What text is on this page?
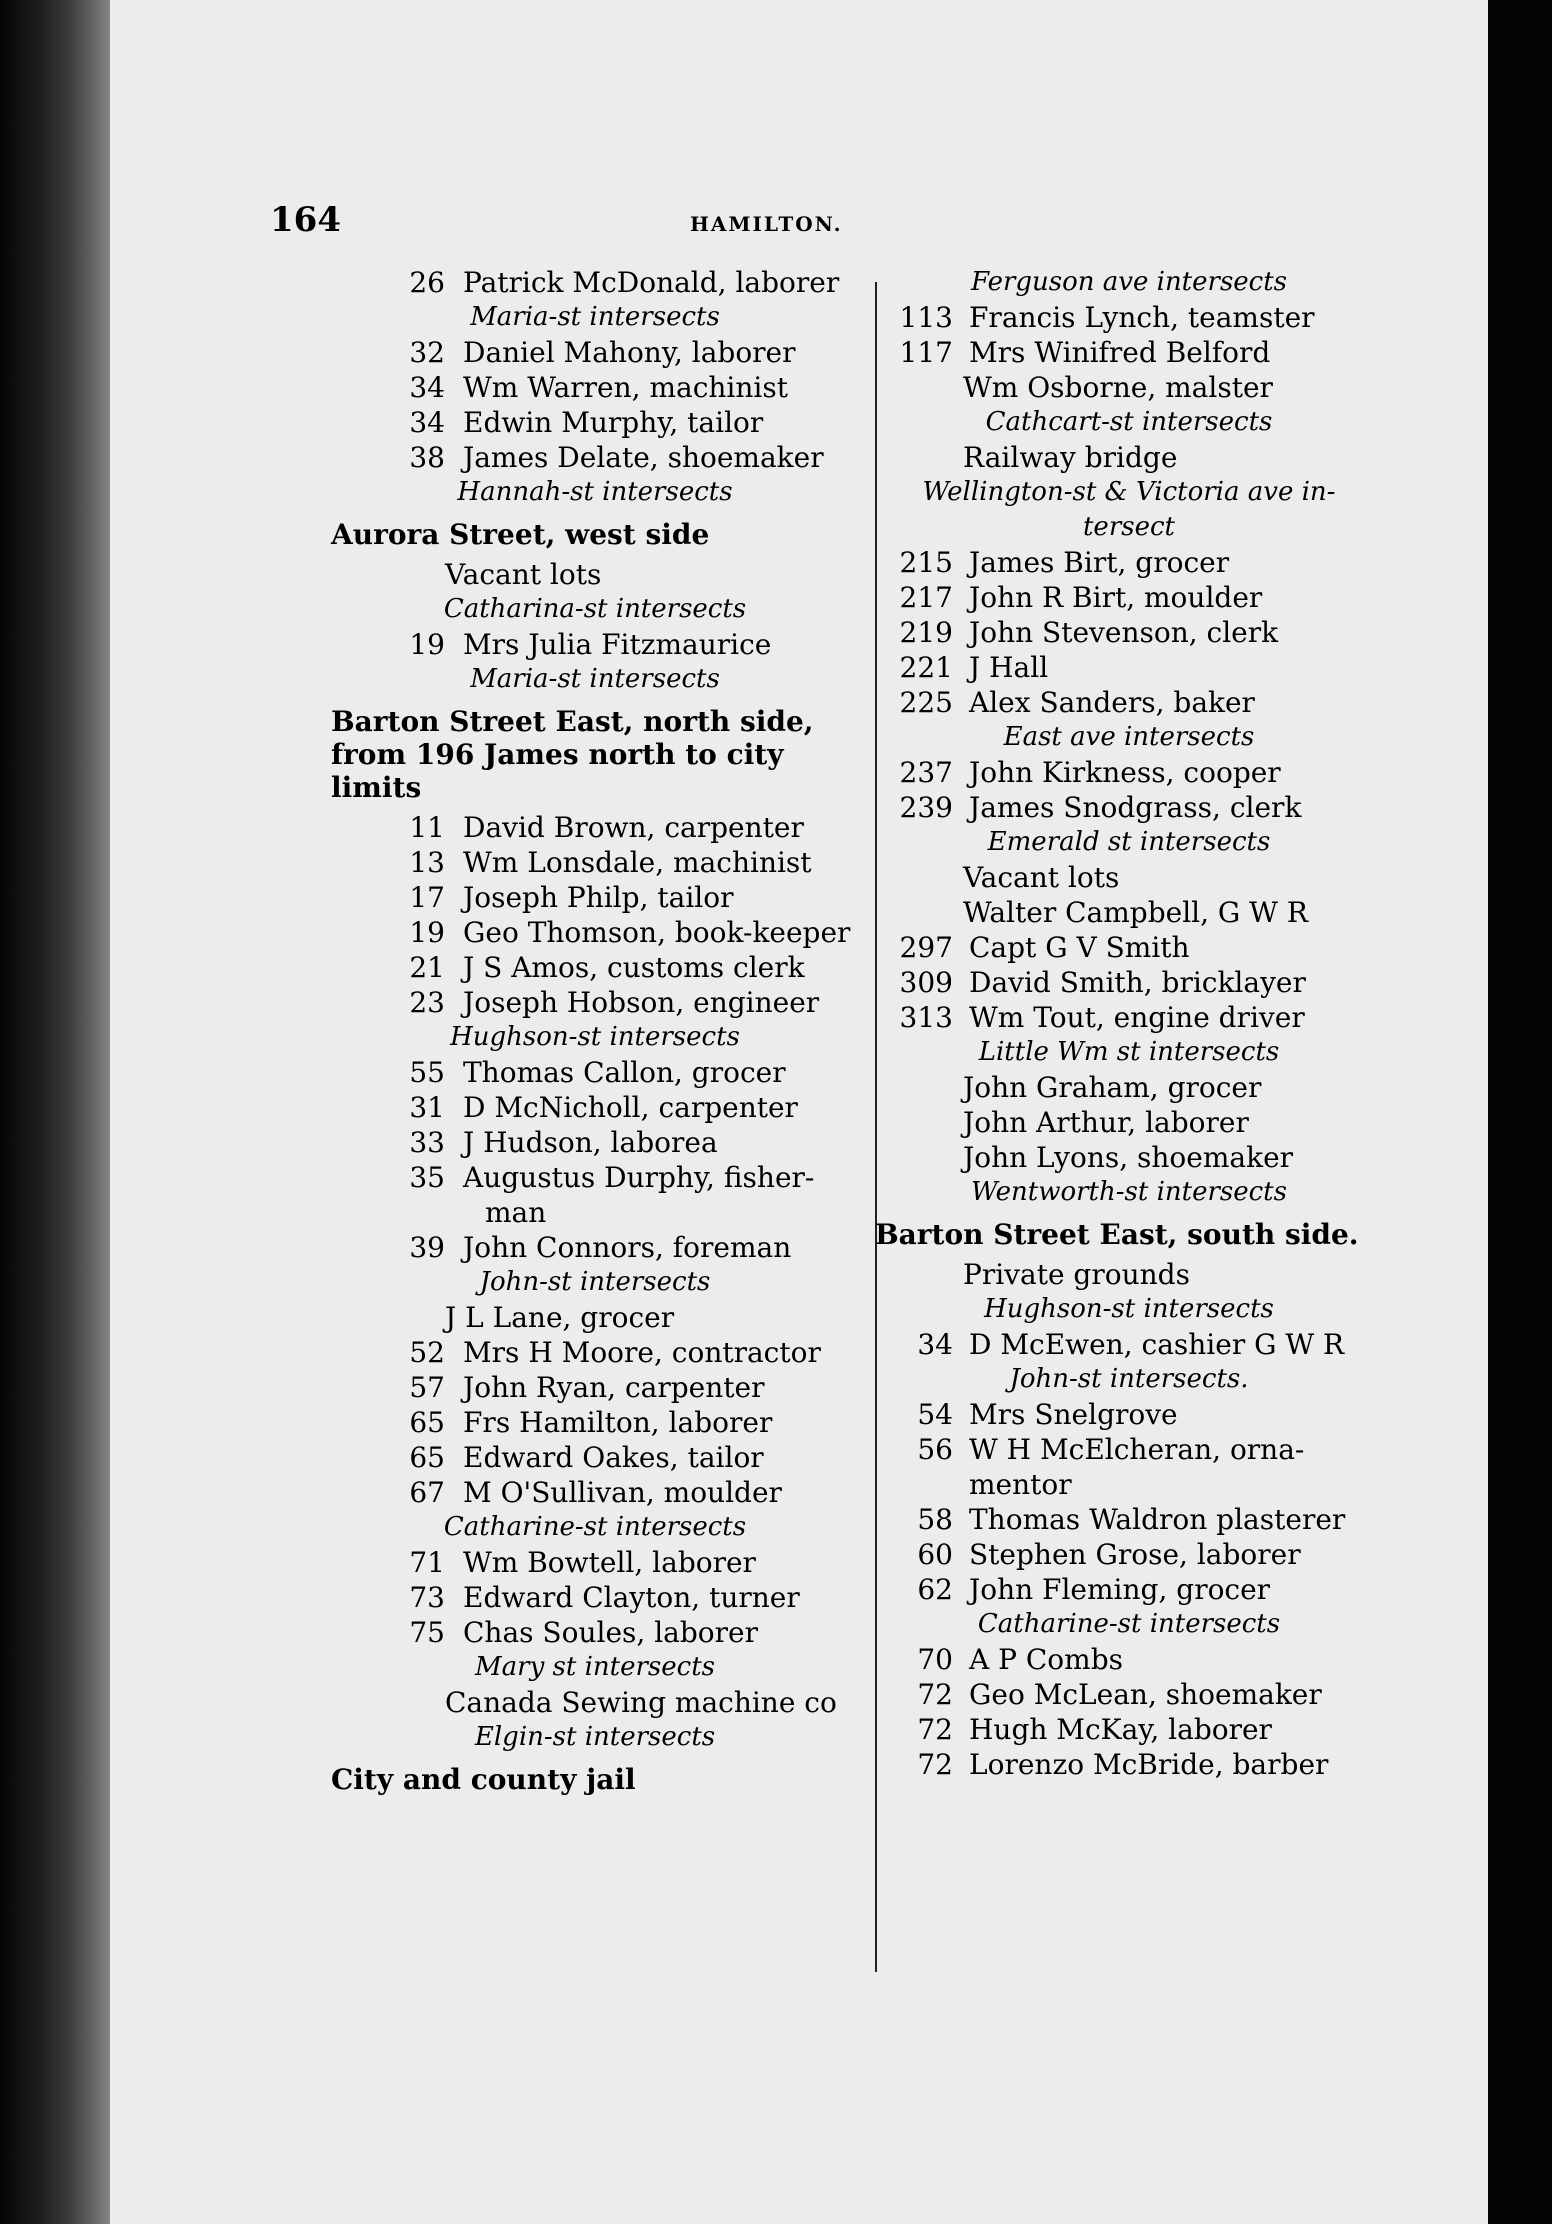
164	HAMILTON.
26 Patrick McDonald, laborer
Maria-st intersects
32 Daniel Mahony, laborer
34 Wm Warren, machinist
34 Edwin Murphy, tailor
38 James Delate, shoemaker
Hannah-st intersects
Aurora Street, west side
Vacant lots
Catharina-st intersects
19 Mrs Julia Fitzmaurice
Maria-st intersects
Barton Street East, north side, from 196 James north to city limits
11 David Brown, carpenter
13 Wm Lonsdale, machinist
17 Joseph Philp, tailor
19 Geo Thomson, book-keeper
21 J S Amos, customs clerk
23 Joseph Hobson, engineer
Hughson-st intersects
55 Thomas Callon, grocer
31 D McNicholl, carpenter
33 J Hudson, laborea
35 Augustus Durphy, fisher-
man
39 John Connors, foreman
John-st intersects
J L Lane, grocer
52 Mrs H Moore, contractor
57 John Ryan, carpenter
65 Frs Hamilton, laborer
65 Edward Oakes, tailor
67 M O'Sullivan, moulder
Catharine-st intersects
71 Wm Bowtell, laborer
73 Edward Clayton, turner
75 Chas Soules, laborer
Mary st intersects
Canada Sewing machine co
Elgin-st intersects
City and county jail
Ferguson ave intersects
113 Francis Lynch, teamster
117 Mrs Winifred Belford
Wm Osborne, malster
Cathcart-st intersects
Railway bridge
Wellington-st & Victoria ave in-
tersect
215 James Birt, grocer
217 John R Birt, moulder
219 John Stevenson, clerk
221 J Hall
225 Alex Sanders, baker
East ave intersects
237 John Kirkness, cooper
239 James Snodgrass, clerk
Emerald st intersects
Vacant lots
Walter Campbell, G W R
297 Capt G V Smith
309 David Smith, bricklayer
313 Wm Tout, engine driver
Little Wm st intersects
John Graham, grocer
John Arthur, laborer
John Lyons, shoemaker
Wentworth-st intersects
Barton Street East, south side.
Private grounds
Hughson-st intersects
34 D McEwen, cashier G W R
John-st intersects.
54 Mrs Snelgrove
56 W H McElcheran, orna-
mentor
58 Thomas Waldron plasterer
60 Stephen Grose, laborer
62 John Fleming, grocer
Catharine-st intersects
70 A P Combs
72 Geo McLean, shoemaker
72 Hugh McKay, laborer
72 Lorenzo McBride, barber
